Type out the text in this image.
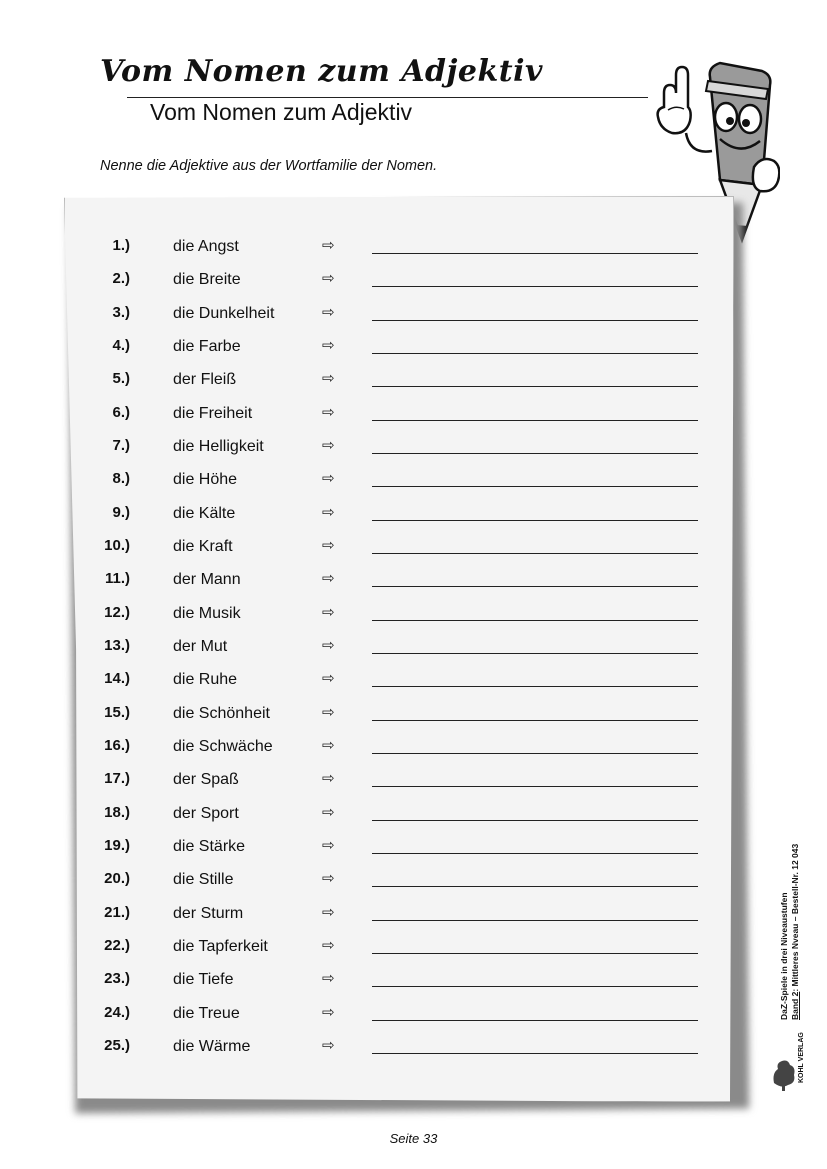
Vom Nomen zum Adjektiv
Vom Nomen zum Adjektiv
Nenne die Adjektive aus der Wortfamilie der Nomen.
1.)	die Angst	⇨
2.)	die Breite	⇨
3.)	die Dunkelheit	⇨
4.)	die Farbe	⇨
5.)	der Fleiß	⇨
6.)	die Freiheit	⇨
7.)	die Helligkeit	⇨
8.)	die Höhe	⇨
9.)	die Kälte	⇨
10.)	die Kraft	⇨
11.)	der Mann	⇨
12.)	die Musik	⇨
13.)	der Mut	⇨
14.)	die Ruhe	⇨
15.)	die Schönheit	⇨
16.)	die Schwäche	⇨
17.)	der Spaß	⇨
18.)	der Sport	⇨
19.)	die Stärke	⇨
20.)	die Stille	⇨
21.)	der Sturm	⇨
22.)	die Tapferkeit	⇨
23.)	die Tiefe	⇨
24.)	die Treue	⇨
25.)	die Wärme	⇨
DaZ-Spiele in drei Niveaustufen Band 2: Mittleres Nveau – Bestell-Nr. 12 043
KOHL VERLAG
Seite 33
